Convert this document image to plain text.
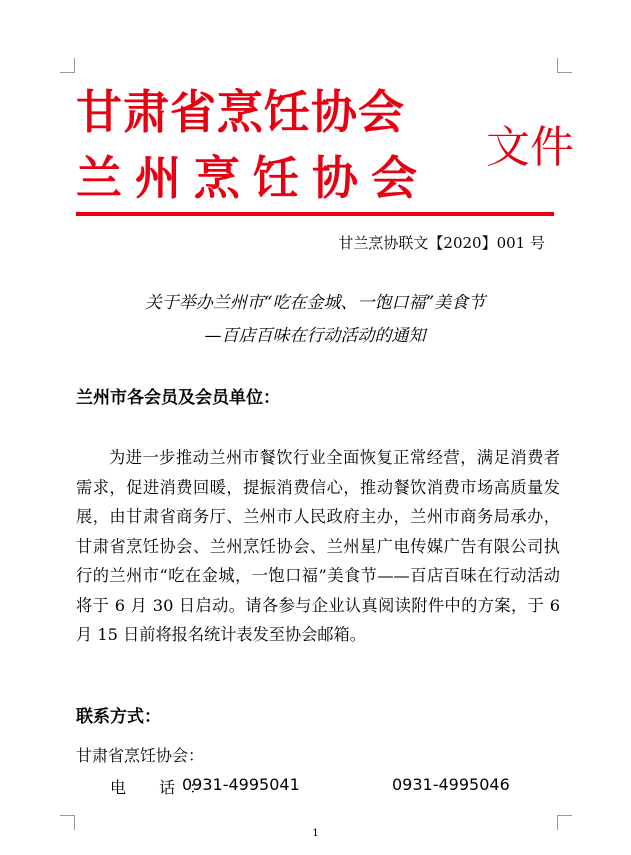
甘肃省烹饪协会
兰州烹饪协会
文件
甘兰烹协联文【2020】001 号
关于举办兰州市“吃在金城、一饱口福”美食节
—百店百味在行动活动的通知
兰州市各会员及会员单位：
为进一步推动兰州市餐饮行业全面恢复正常经营，满足消费者需求，促进消费回暖，提振消费信心，推动餐饮消费市场高质量发展，由甘肃省商务厅、兰州市人民政府主办，兰州市商务局承办，甘肃省烹饪协会、兰州烹饪协会、兰州星广电传媒广告有限公司执行的兰州市“吃在金城，一饱口福”美食节——百店百味在行动活动将于 6 月 30 日启动。请各参与企业认真阅读附件中的方案，于 6 月 15 日前将报名统计表发至协会邮箱。
联系方式：
甘肃省烹饪协会：
电 话：
0931-4995041	0931-4995046
1
